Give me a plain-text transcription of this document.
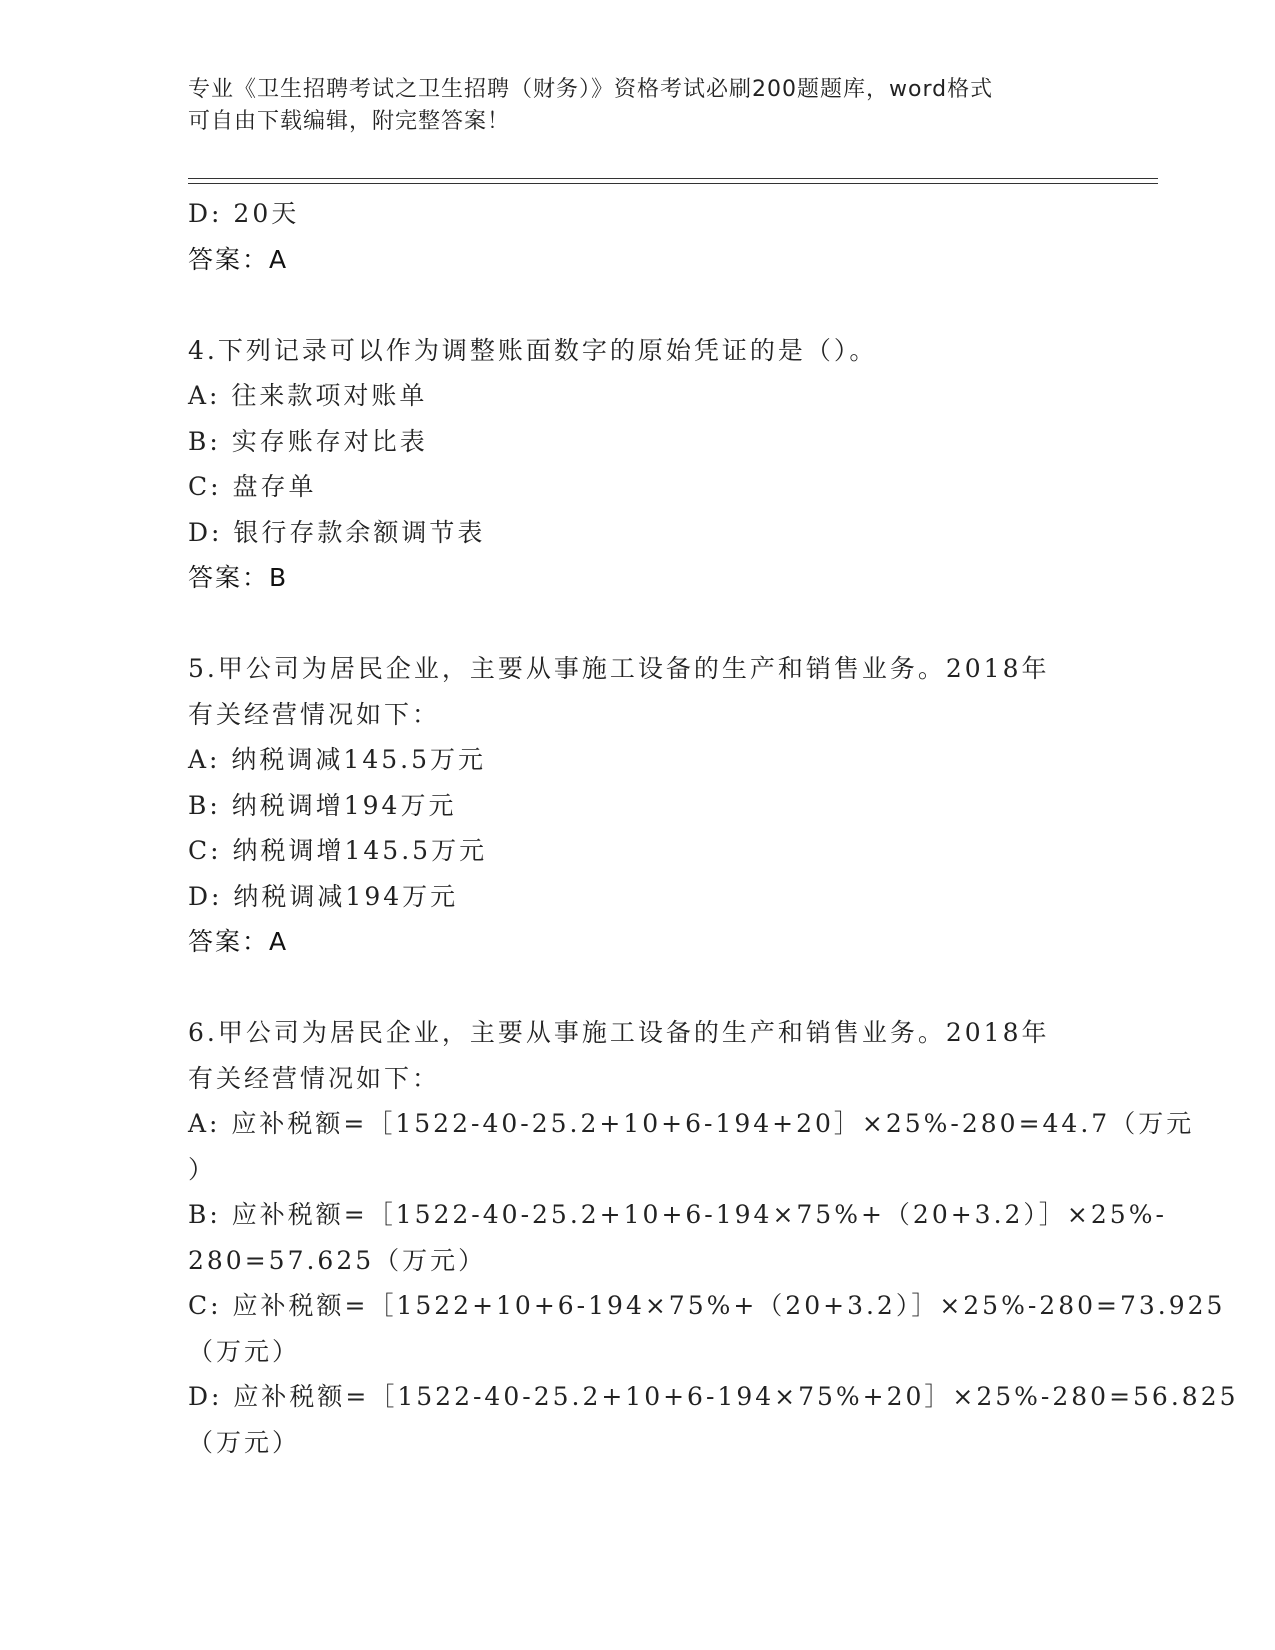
专业《卫生招聘考试之卫生招聘（财务）》资格考试必刷200题题库，word格式
可自由下载编辑，附完整答案！
D: 20天
答案：A
4.下列记录可以作为调整账面数字的原始凭证的是（）。
A: 往来款项对账单
B: 实存账存对比表
C: 盘存单
D: 银行存款余额调节表
答案：B
5.甲公司为居民企业，主要从事施工设备的生产和销售业务。2018年
有关经营情况如下：
A: 纳税调减145.5万元
B: 纳税调增194万元
C: 纳税调增145.5万元
D: 纳税调减194万元
答案：A
6.甲公司为居民企业，主要从事施工设备的生产和销售业务。2018年
有关经营情况如下：
A: 应补税额=［1522-40-25.2+10+6-194+20］×25%-280=44.7（万元
）
B: 应补税额=［1522-40-25.2+10+6-194×75%+（20+3.2）］×25%-
280=57.625（万元）
C: 应补税额=［1522+10+6-194×75%+（20+3.2）］×25%-280=73.925
（万元）
D: 应补税额=［1522-40-25.2+10+6-194×75%+20］×25%-280=56.825
（万元）
